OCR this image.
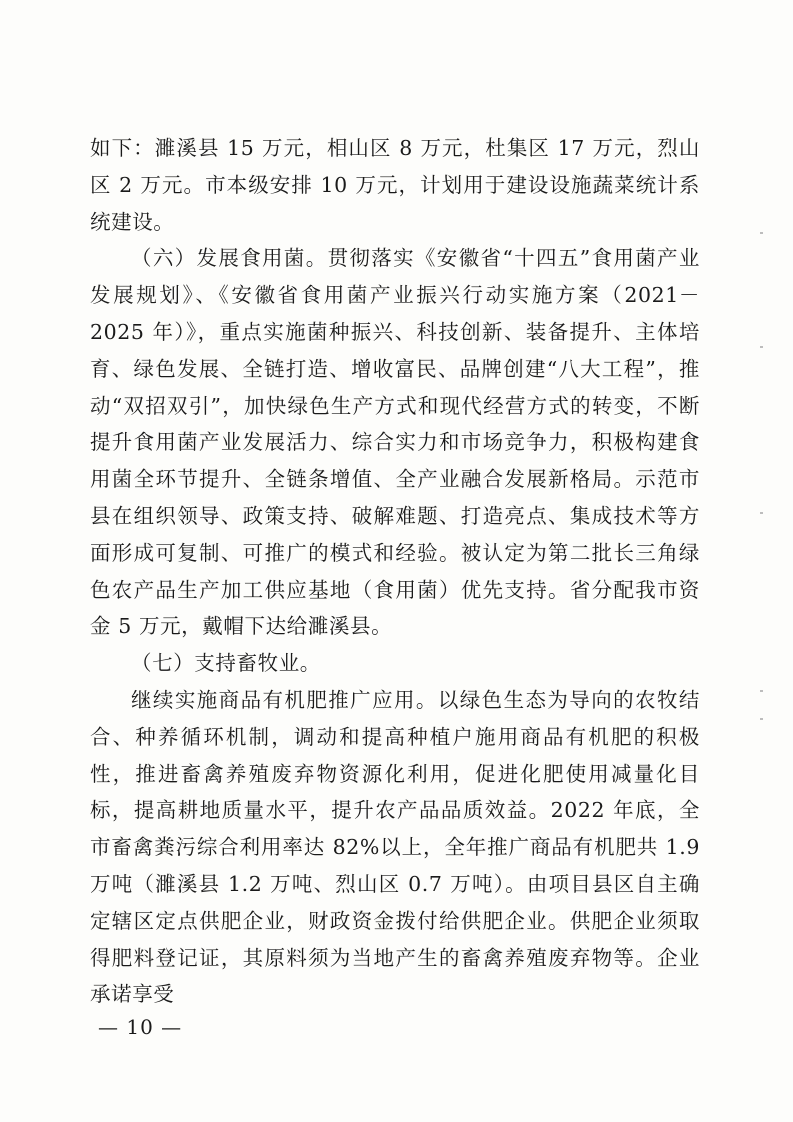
如下：濉溪县 15 万元，相山区 8 万元，杜集区 17 万元，烈山区 2 万元。市本级安排 10 万元，计划用于建设设施蔬菜统计系统建设。

（六）发展食用菌。贯彻落实《安徽省“十四五”食用菌产业发展规划》、《安徽省食用菌产业振兴行动实施方案（2021－2025 年）》，重点实施菌种振兴、科技创新、装备提升、主体培育、绿色发展、全链打造、增收富民、品牌创建“八大工程”，推动“双招双引”，加快绿色生产方式和现代经营方式的转变，不断提升食用菌产业发展活力、综合实力和市场竞争力，积极构建食用菌全环节提升、全链条增值、全产业融合发展新格局。示范市县在组织领导、政策支持、破解难题、打造亮点、集成技术等方面形成可复制、可推广的模式和经验。被认定为第二批长三角绿色农产品生产加工供应基地（食用菌）优先支持。省分配我市资金 5 万元，戴帽下达给濉溪县。

（七）支持畜牧业。

继续实施商品有机肥推广应用。以绿色生态为导向的农牧结合、种养循环机制，调动和提高种植户施用商品有机肥的积极性，推进畜禽养殖废弃物资源化利用，促进化肥使用减量化目标，提高耕地质量水平，提升农产品品质效益。2022 年底，全市畜禽粪污综合利用率达 82%以上，全年推广商品有机肥共 1.9 万吨（濉溪县 1.2 万吨、烈山区 0.7 万吨）。由项目县区自主确定辖区定点供肥企业，财政资金拨付给供肥企业。供肥企业须取得肥料登记证，其原料须为当地产生的畜禽养殖废弃物等。企业承诺享受

— 10 —
